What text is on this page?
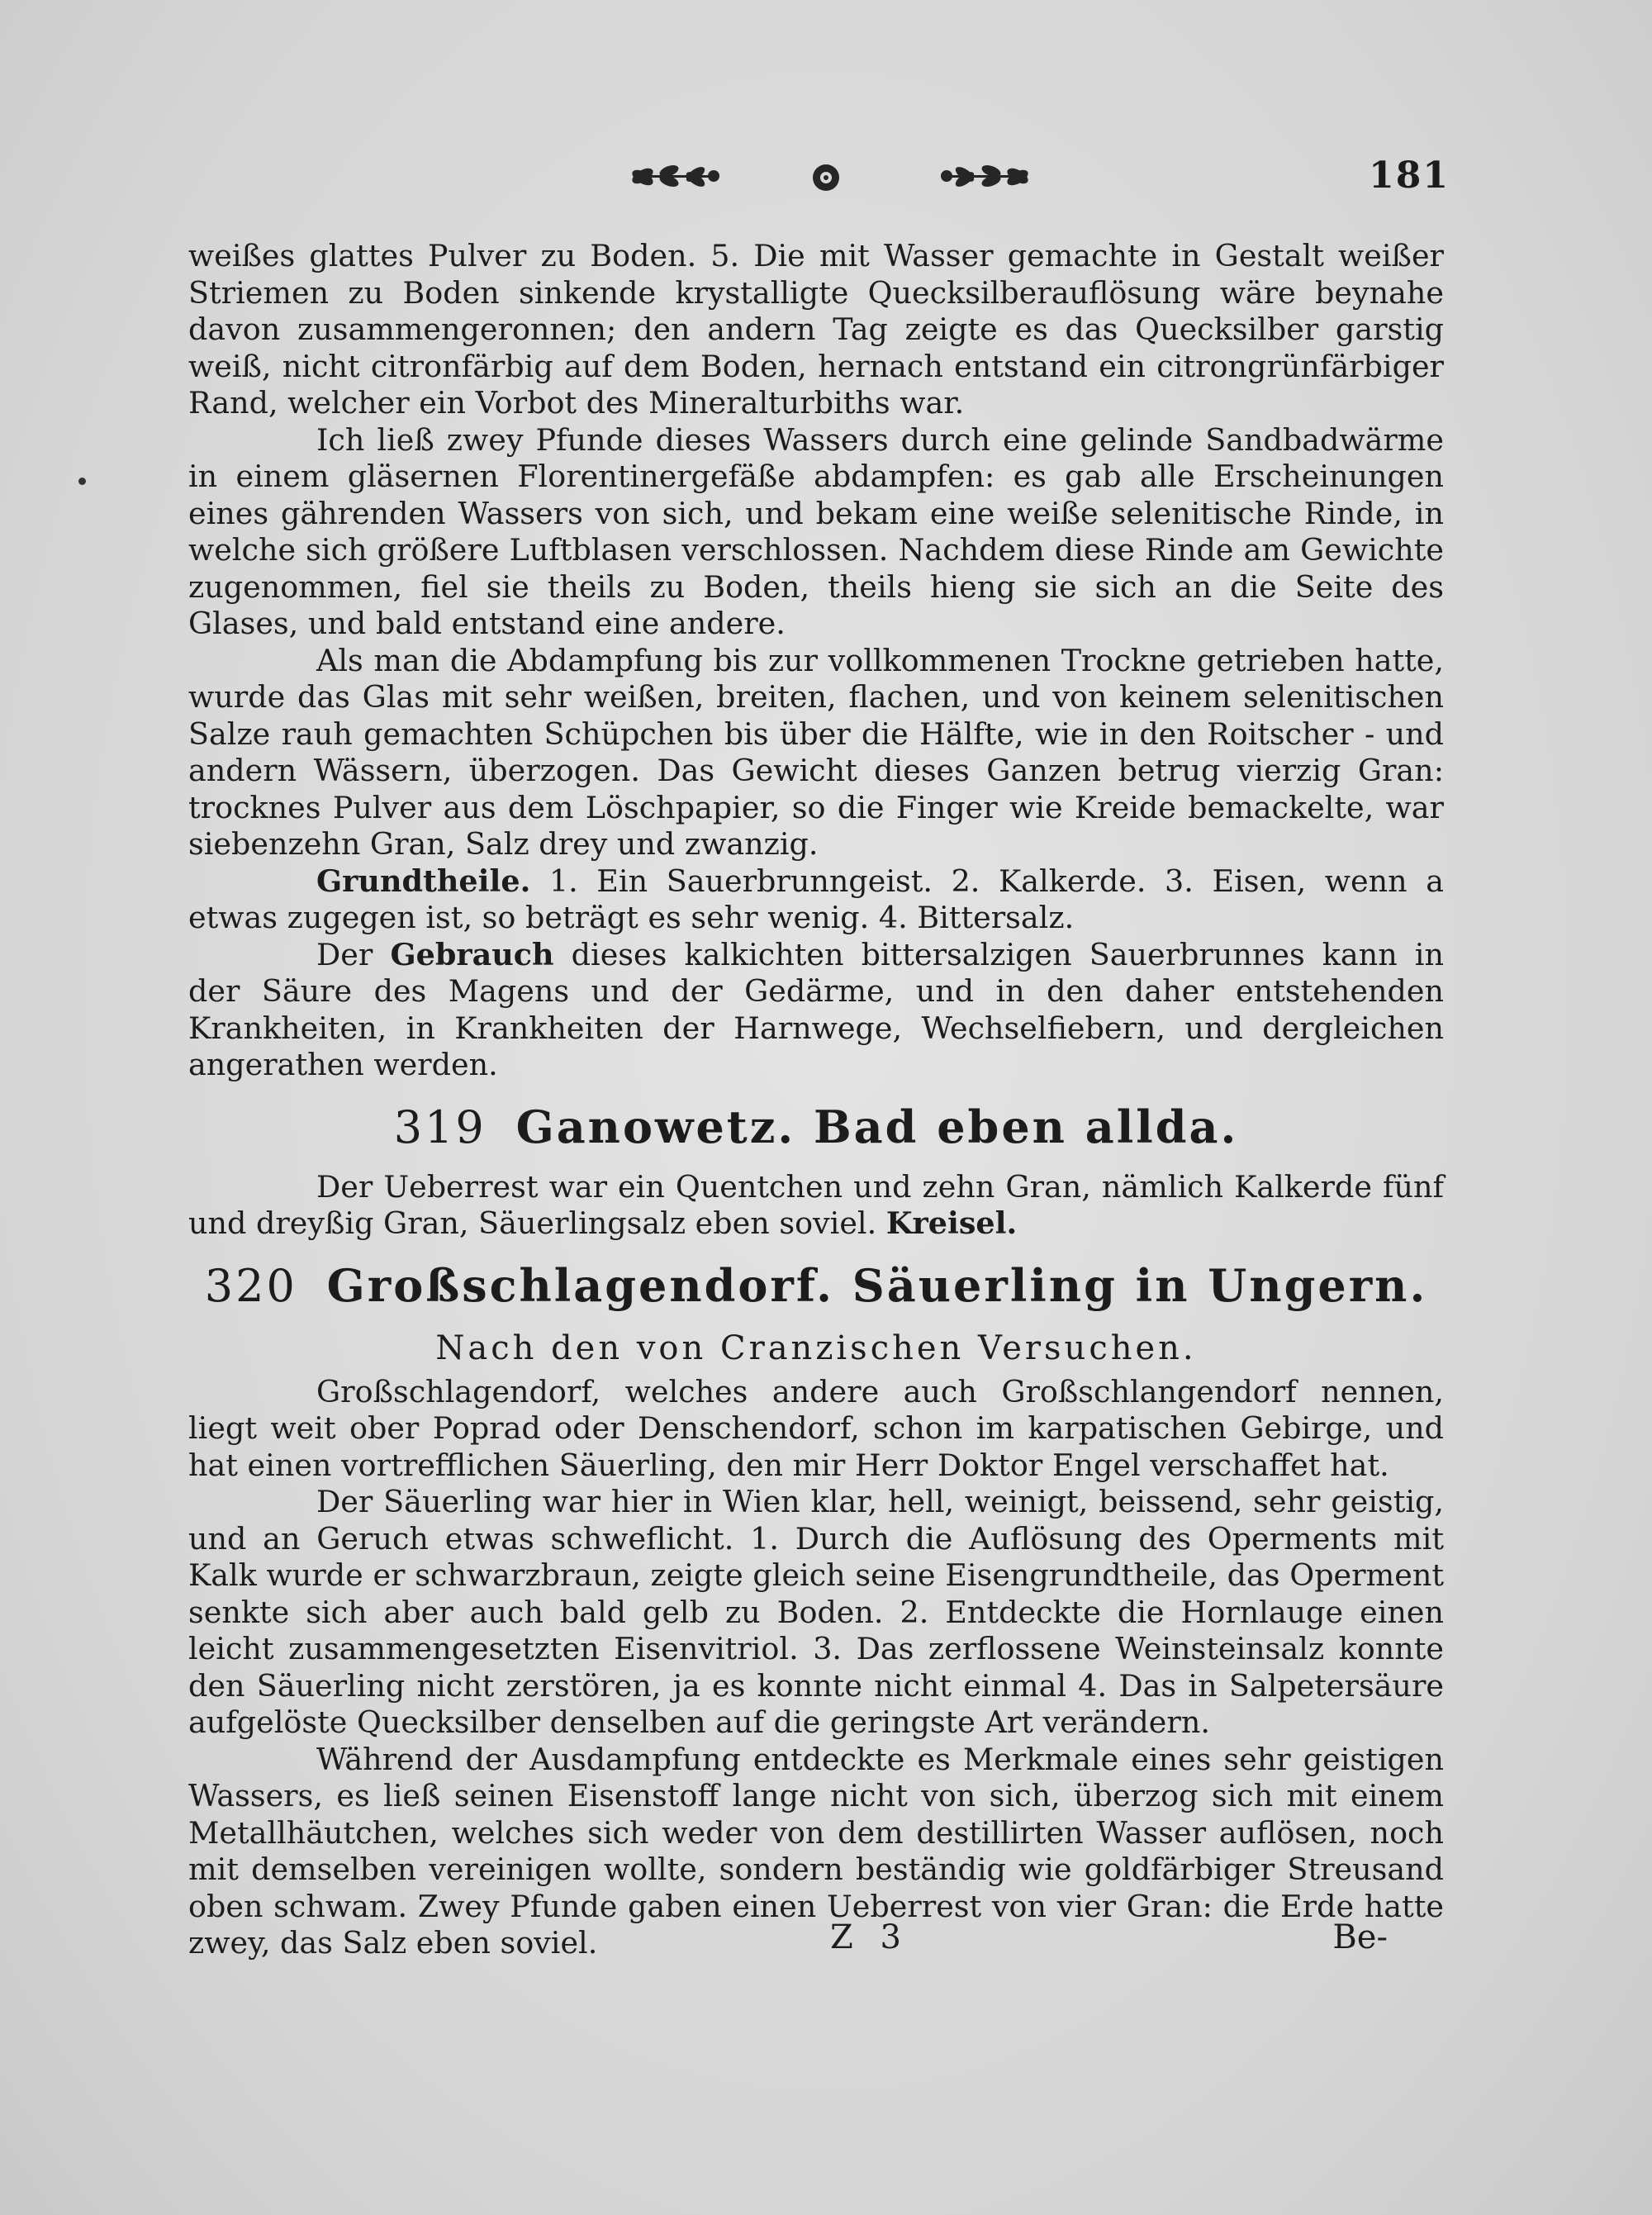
181

weißes glattes Pulver zu Boden. 5. Die mit Wasser gemachte in Gestalt weißer Striemen zu Boden sinkende krystalligte Quecksilberauflösung wäre beynahe davon zusammengeronnen; den andern Tag zeigte es das Quecksilber garstig weiß, nicht citronfärbig auf dem Boden, hernach entstand ein citrongrünfärbiger Rand, welcher ein Vorbot des Mineralturbiths war.

Ich ließ zwey Pfunde dieses Wassers durch eine gelinde Sandbadwärme in einem gläsernen Florentinergefäße abdampfen: es gab alle Erscheinungen eines gährenden Wassers von sich, und bekam eine weiße selenitische Rinde, in welche sich größere Luftblasen verschlossen. Nachdem diese Rinde am Gewichte zugenommen, fiel sie theils zu Boden, theils hieng sie sich an die Seite des Glases, und bald entstand eine andere.

Als man die Abdampfung bis zur vollkommenen Trockne getrieben hatte, wurde das Glas mit sehr weißen, breiten, flachen, und von keinem selenitischen Salze rauh gemachten Schüpchen bis über die Hälfte, wie in den Roitscher - und andern Wässern, überzogen. Das Gewicht dieses Ganzen betrug vierzig Gran: trocknes Pulver aus dem Löschpapier, so die Finger wie Kreide bemackelte, war siebenzehn Gran, Salz drey und zwanzig.

Grundtheile. 1. Ein Sauerbrunngeist. 2. Kalkerde. 3. Eisen, wenn a etwas zugegen ist, so beträgt es sehr wenig. 4. Bittersalz.

Der Gebrauch dieses kalkichten bittersalzigen Sauerbrunnes kann in der Säure des Magens und der Gedärme, und in den daher entstehenden Krankheiten, in Krankheiten der Harnwege, Wechselfiebern, und dergleichen angerathen werden.

319 Ganowetz. Bad eben allda.

Der Ueberrest war ein Quentchen und zehn Gran, nämlich Kalkerde fünf und dreyßig Gran, Säuerlingsalz eben soviel. Kreisel.

320 Großschlagendorf. Säuerling in Ungern.
Nach den von Cranzischen Versuchen.

Großschlagendorf, welches andere auch Großschlangendorf nennen, liegt weit ober Poprad oder Denschendorf, schon im karpatischen Gebirge, und hat einen vortrefflichen Säuerling, den mir Herr Doktor Engel verschaffet hat.

Der Säuerling war hier in Wien klar, hell, weinigt, beissend, sehr geistig, und an Geruch etwas schweflicht. 1. Durch die Auflösung des Operments mit Kalk wurde er schwarzbraun, zeigte gleich seine Eisengrundtheile, das Operment senkte sich aber auch bald gelb zu Boden. 2. Entdeckte die Hornlauge einen leicht zusammengesetzten Eisenvitriol. 3. Das zerflossene Weinsteinsalz konnte den Säuerling nicht zerstören, ja es konnte nicht einmal 4. Das in Salpetersäure aufgelöste Quecksilber denselben auf die geringste Art verändern.

Während der Ausdampfung entdeckte es Merkmale eines sehr geistigen Wassers, es ließ seinen Eisenstoff lange nicht von sich, überzog sich mit einem Metallhäutchen, welches sich weder von dem destillirten Wasser auflösen, noch mit demselben vereinigen wollte, sondern beständig wie goldfärbiger Streusand oben schwam. Zwey Pfunde gaben einen Ueberrest von vier Gran: die Erde hatte zwey, das Salz eben soviel.	Z 3	Be-
